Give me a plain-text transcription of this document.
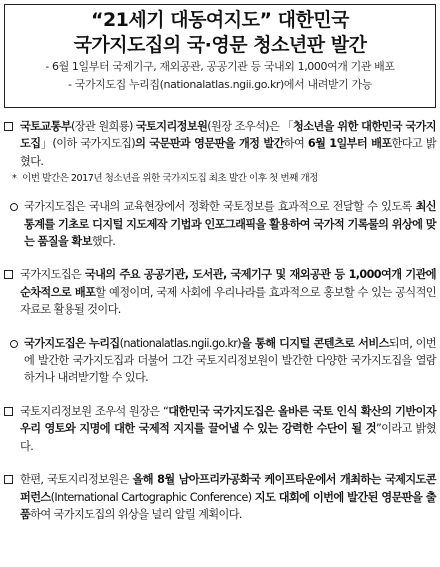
“21세기 대동여지도” 대한민국

국가지도집의 국·영문 청소년판 발간

- 6월 1일부터 국제기구, 재외공관, 공공기관 등 국내외 1,000여개 기관 배포

- 국가지도집 누리집(nationalatlas.ngii.go.kr)에서 내려받기 가능

국토교통부(장관 원희룡) 국토지리정보원(원장 조우석)은 「청소년을 위한 대한민국 국가지도집」(이하 국가지도집)의 국문판과 영문판을 개정 발간하여 6월 1일부터 배포한다고 밝혔다.

* 이번 발간은 2017년 청소년을 위한 국가지도집 최초 발간 이후 첫 번째 개정

국가지도집은 국내의 교육현장에서 정확한 국토정보를 효과적으로 전달할 수 있도록 최신 통계를 기초로 디지털 지도제작 기법과 인포그래픽을 활용하여 국가적 기록물의 위상에 맞는 품질을 확보했다.

국가지도집은 국내의 주요 공공기관, 도서관, 국제기구 및 재외공관 등 1,000여개 기관에 순차적으로 배포할 예정이며, 국제 사회에 우리나라를 효과적으로 홍보할 수 있는 공식적인 자료로 활용될 것이다.

국가지도집은 누리집(nationalatlas.ngii.go.kr)을 통해 디지털 콘텐츠로 서비스되며, 이번에 발간한 국가지도집과 더불어 그간 국토지리정보원이 발간한 다양한 국가지도집을 열람하거나 내려받기할 수 있다.

국토지리정보원 조우석 원장은 “대한민국 국가지도집은 올바른 국토 인식 확산의 기반이자 우리 영토와 지명에 대한 국제적 지지를 끌어낼 수 있는 강력한 수단이 될 것”이라고 밝혔다.

한편, 국토지리정보원은 올해 8월 남아프리카공화국 케이프타운에서 개최하는 국제지도콘퍼런스(International Cartographic Conference) 지도 대회에 이번에 발간된 영문판을 출품하여 국가지도집의 위상을 널리 알릴 계획이다.
